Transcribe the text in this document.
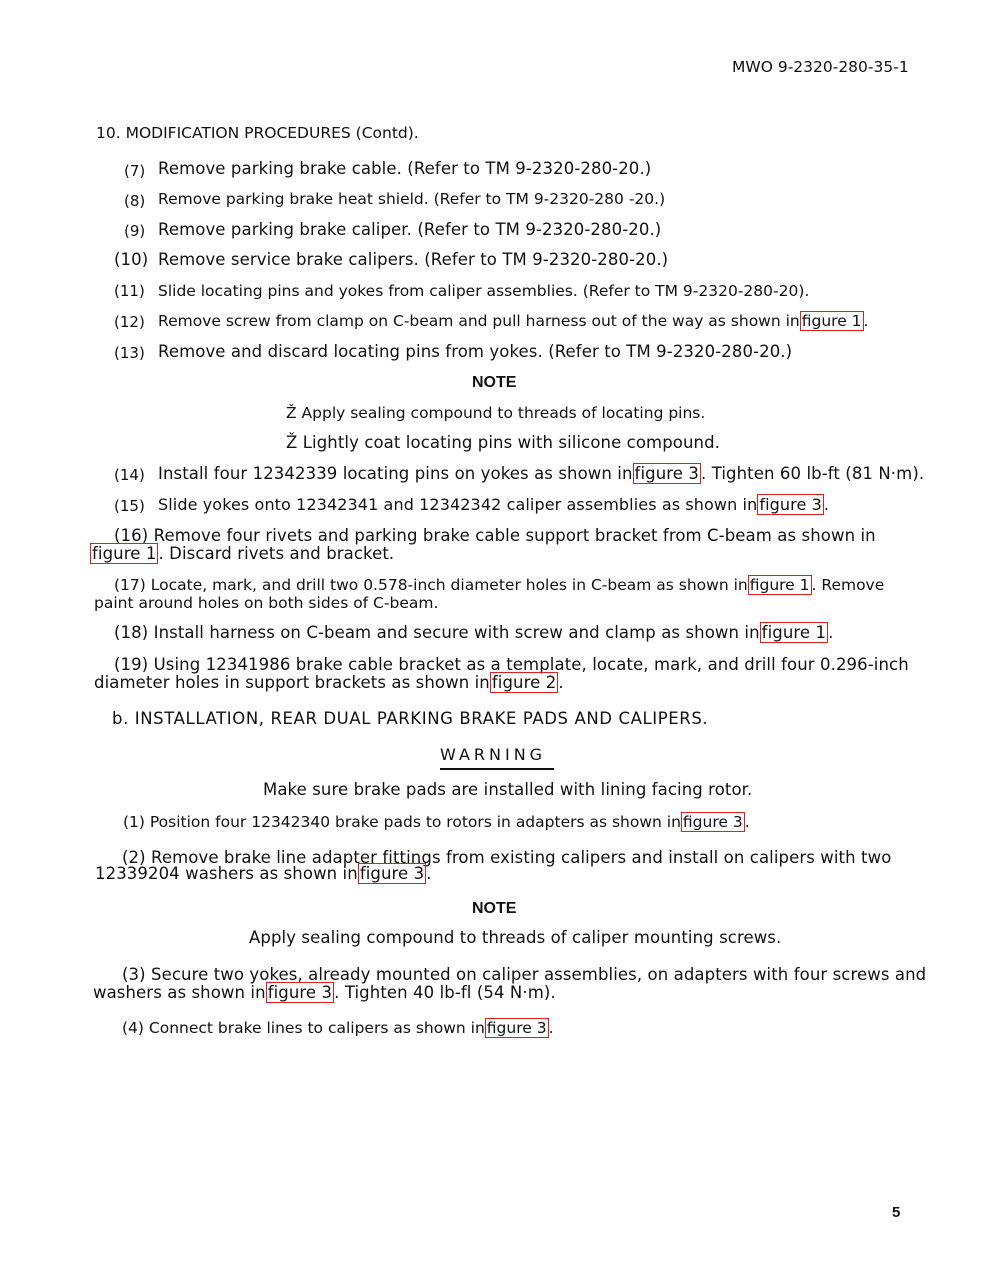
MWO 9-2320-280-35-1
10. MODIFICATION PROCEDURES (Contd).
(7) Remove parking brake cable. (Refer to TM 9-2320-280-20.)
(8) Remove parking brake heat shield. (Refer to TM 9-2320-280 -20.)
(9) Remove parking brake caliper. (Refer to TM 9-2320-280-20.)
(10) Remove service brake calipers. (Refer to TM 9-2320-280-20.)
(11) Slide locating pins and yokes from caliper assemblies. (Refer to TM 9-2320-280-20).
(12) Remove screw from clamp on C-beam and pull harness out of the way as shown in figure 1 .
(13) Remove and discard locating pins from yokes. (Refer to TM 9-2320-280-20.)
NOTE
Ž Apply sealing compound to threads of locating pins.
Ž Lightly coat locating pins with silicone compound.
(14) Install four 12342339 locating pins on yokes as shown in figure 3 . Tighten 60 lb-ft (81 N·m).
(15) Slide yokes onto 12342341 and 12342342 caliper assemblies as shown in figure 3 .
(16) Remove four rivets and parking brake cable support bracket from C-beam as shown in
figure 1 . Discard rivets and bracket.
(17) Locate, mark, and drill two 0.578-inch diameter holes in C-beam as shown in figure 1 . Remove
paint around holes on both sides of C-beam.
(18) Install harness on C-beam and secure with screw and clamp as shown in figure 1 .
(19) Using 12341986 brake cable bracket as a template, locate, mark, and drill four 0.296-inch
diameter holes in support brackets as shown in figure 2 .
b. INSTALLATION, REAR DUAL PARKING BRAKE PADS AND CALIPERS.
WARNING
Make sure brake pads are installed with lining facing rotor.
(1) Position four 12342340 brake pads to rotors in adapters as shown in figure 3 .
(2) Remove brake line adapter fittings from existing calipers and install on calipers with two
12339204 washers as shown in figure 3 .
NOTE
Apply sealing compound to threads of caliper mounting screws.
(3) Secure two yokes, already mounted on caliper assemblies, on adapters with four screws and
washers as shown in figure 3 . Tighten 40 lb-fl (54 N·m).
(4) Connect brake lines to calipers as shown in figure 3 .
5
